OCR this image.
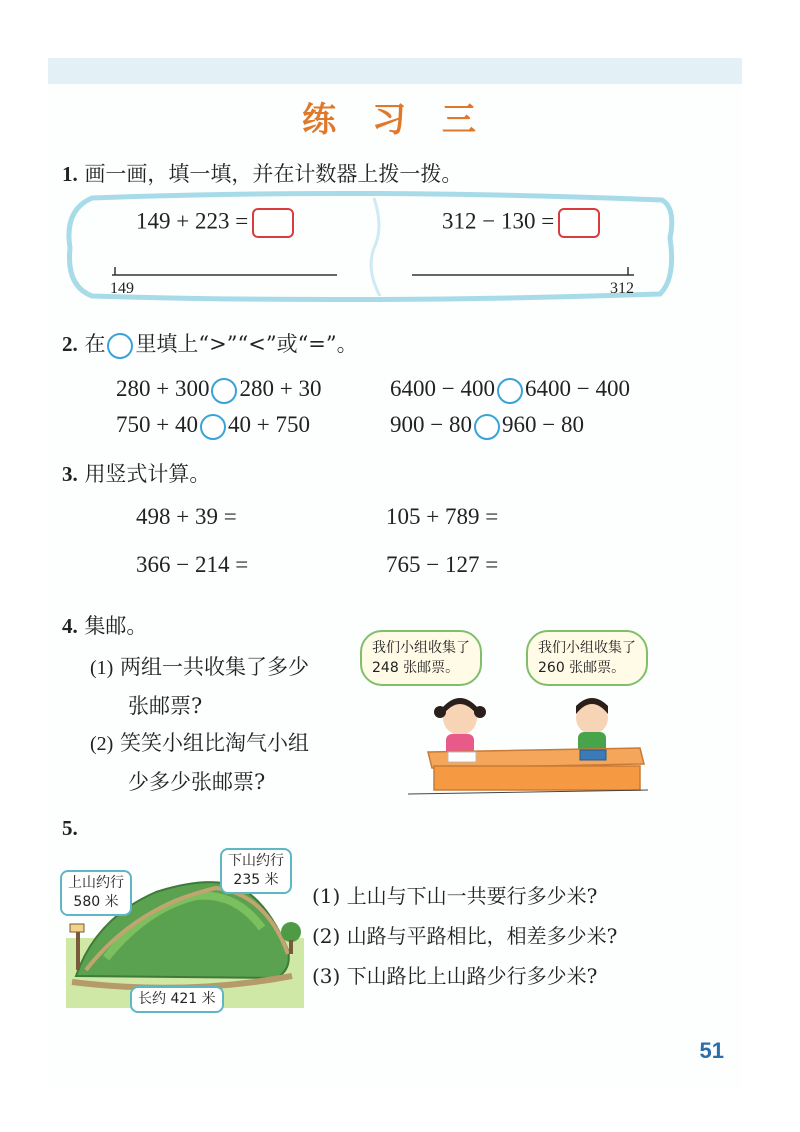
练 习 三
1. 画一画，填一填，并在计数器上拨一拨。
149 + 223 =	312 − 130 =
149	312
2. 在 里填上“>”“<”或“=”。
280 + 300 280 + 30	6400 − 400 6400 − 400
750 + 40 40 + 750	900 − 80 960 − 80
3. 用竖式计算。
498 + 39 =	105 + 789 =
366 − 214 =	765 − 127 =
4. 集邮。
(1) 两组一共收集了多少
张邮票?
(2) 笑笑小组比淘气小组
少多少张邮票?
我们小组收集了
248 张邮票。
我们小组收集了
260 张邮票。
5.
上山约行
580 米
下山约行
235 米
长约 421 米
(1) 上山与下山一共要行多少米?
(2) 山路与平路相比，相差多少米?
(3) 下山路比上山路少行多少米?
51
